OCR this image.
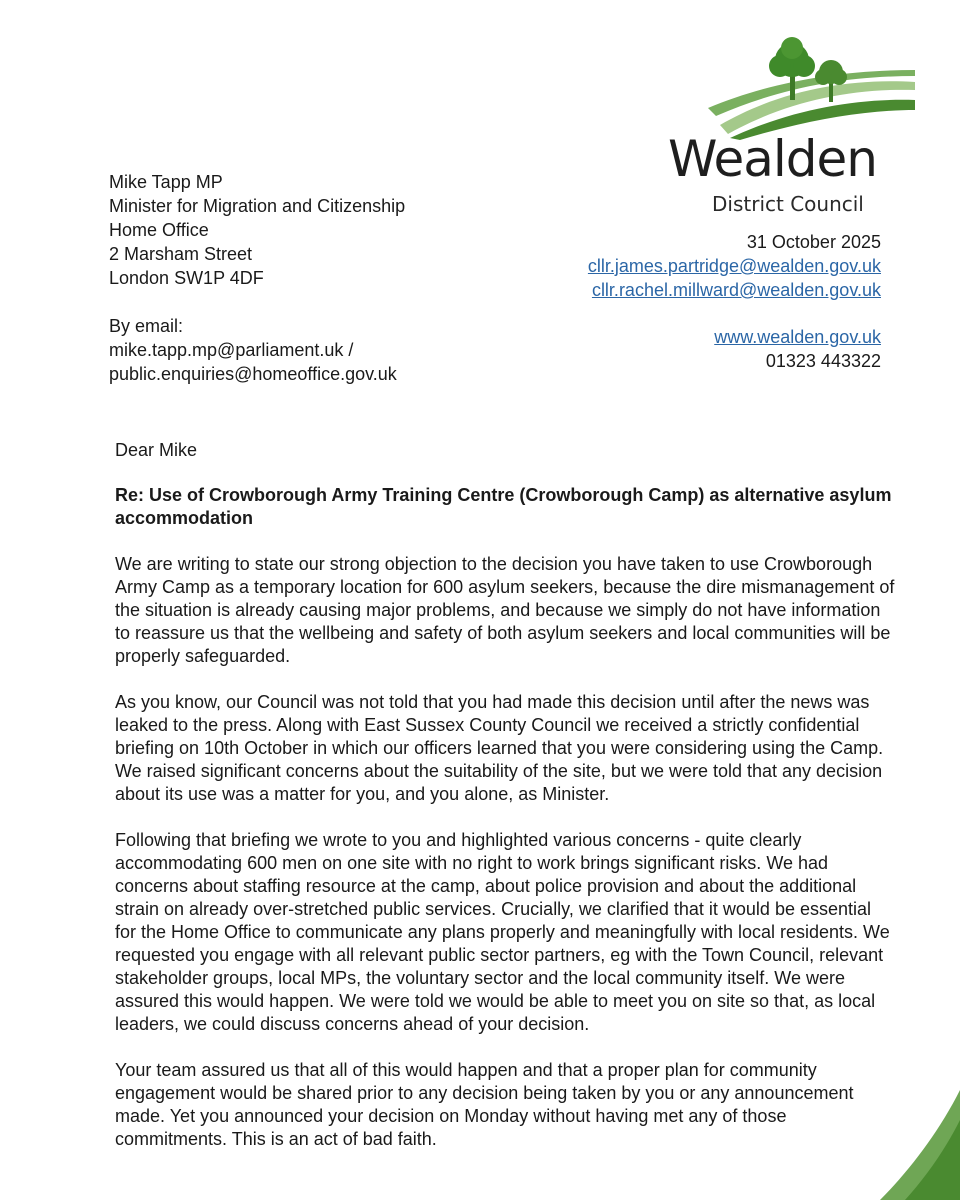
Wealden
District Council
Mike Tapp MP
Minister for Migration and Citizenship
Home Office
2 Marsham Street
London SW1P 4DF
By email:
mike.tapp.mp@parliament.uk /
public.enquiries@homeoffice.gov.uk
31 October 2025
cllr.james.partridge@wealden.gov.uk
cllr.rachel.millward@wealden.gov.uk
www.wealden.gov.uk
01323 443322
Dear Mike
Re: Use of Crowborough Army Training Centre (Crowborough Camp) as alternative asylum accommodation

We are writing to state our strong objection to the decision you have taken to use Crowborough Army Camp as a temporary location for 600 asylum seekers, because the dire mismanagement of the situation is already causing major problems, and because we simply do not have information to reassure us that the wellbeing and safety of both asylum seekers and local communities will be properly safeguarded.

As you know, our Council was not told that you had made this decision until after the news was leaked to the press. Along with East Sussex County Council we received a strictly confidential briefing on 10th October in which our officers learned that you were considering using the Camp. We raised significant concerns about the suitability of the site, but we were told that any decision about its use was a matter for you, and you alone, as Minister.

Following that briefing we wrote to you and highlighted various concerns - quite clearly accommodating 600 men on one site with no right to work brings significant risks. We had concerns about staffing resource at the camp, about police provision and about the additional strain on already over-stretched public services. Crucially, we clarified that it would be essential for the Home Office to communicate any plans properly and meaningfully with local residents. We requested you engage with all relevant public sector partners, eg with the Town Council, relevant stakeholder groups, local MPs, the voluntary sector and the local community itself. We were assured this would happen. We were told we would be able to meet you on site so that, as local leaders, we could discuss concerns ahead of your decision.

Your team assured us that all of this would happen and that a proper plan for community engagement would be shared prior to any decision being taken by you or any announcement made. Yet you announced your decision on Monday without having met any of those commitments. This is an act of bad faith.
